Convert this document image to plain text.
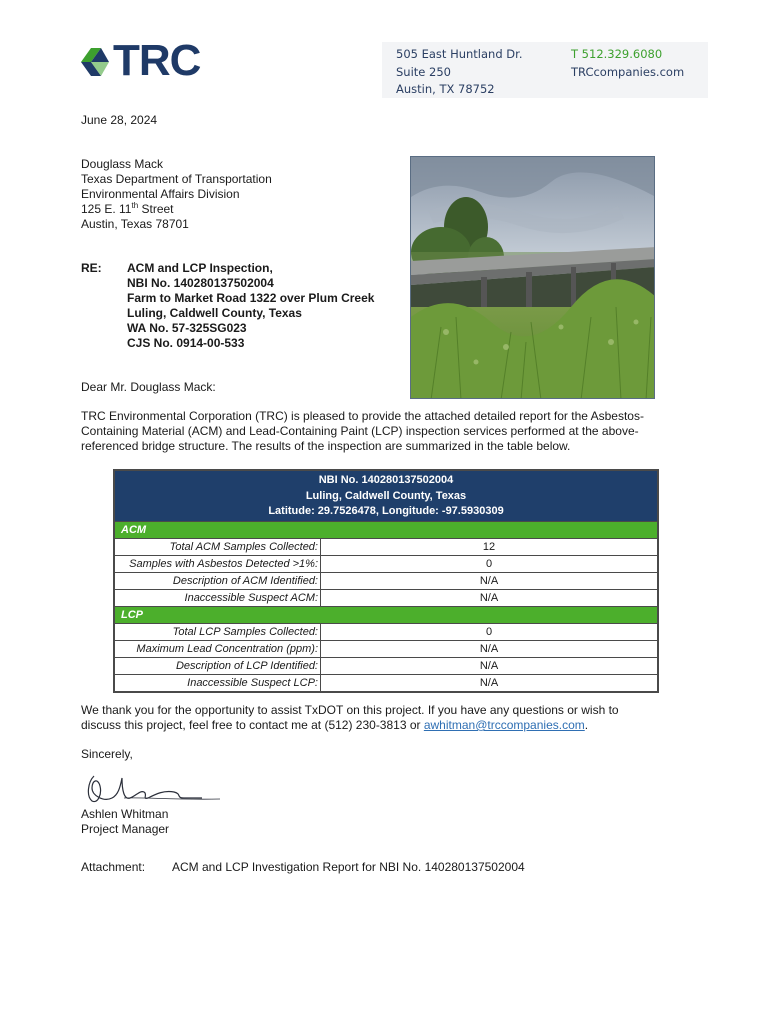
TRC	505 East Huntland Dr.
Suite 250
Austin, TX 78752
T 512.329.6080
TRCcompanies.com
June 28, 2024
Douglass Mack
Texas Department of Transportation
Environmental Affairs Division
125 E. 11th Street
Austin, Texas 78701
RE: ACM and LCP Inspection,
NBI No. 140280137502004
Farm to Market Road 1322 over Plum Creek
Luling, Caldwell County, Texas
WA No. 57-325SG023
CJS No. 0914-00-533
Dear Mr. Douglass Mack:
TRC Environmental Corporation (TRC) is pleased to provide the attached detailed report for the Asbestos-
Containing Material (ACM) and Lead-Containing Paint (LCP) inspection services performed at the above-
referenced bridge structure. The results of the inspection are summarized in the table below.
NBI No. 140280137502004
Luling, Caldwell County, Texas
Latitude: 29.7526478, Longitude: -97.5930309
ACM
Total ACM Samples Collected:	12
Samples with Asbestos Detected >1%:	0
Description of ACM Identified:	N/A
Inaccessible Suspect ACM:	N/A
LCP
Total LCP Samples Collected:	0
Maximum Lead Concentration (ppm):	N/A
Description of LCP Identified:	N/A
Inaccessible Suspect LCP:	N/A
We thank you for the opportunity to assist TxDOT on this project. If you have any questions or wish to
discuss this project, feel free to contact me at (512) 230-3813 or awhitman@trccompanies.com.
Sincerely,
Ashlen Whitman
Project Manager
Attachment: ACM and LCP Investigation Report for NBI No. 140280137502004
